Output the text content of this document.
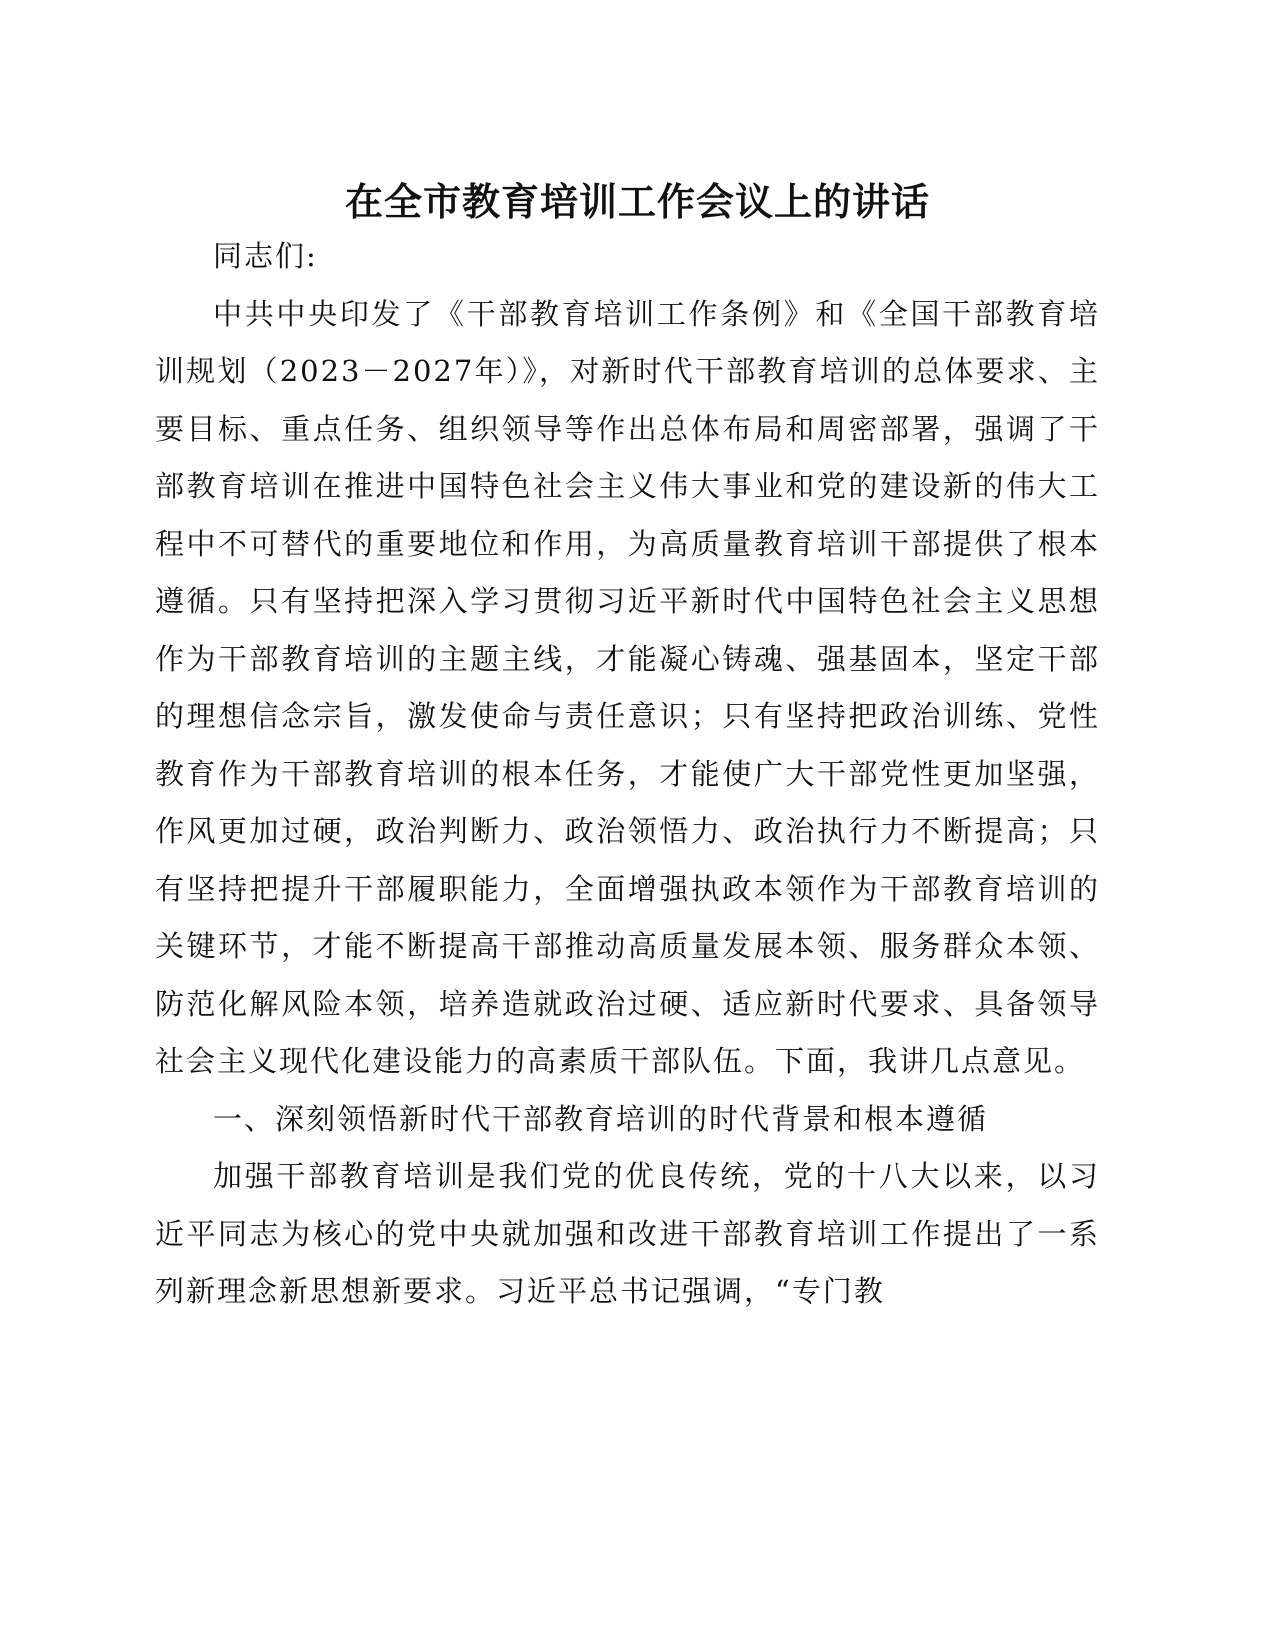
在全市教育培训工作会议上的讲话

同志们:

中共中央印发了《干部教育培训工作条例》和《全国干部教育培训规划（2023－2027年）》，对新时代干部教育培训的总体要求、主要目标、重点任务、组织领导等作出总体布局和周密部署，强调了干部教育培训在推进中国特色社会主义伟大事业和党的建设新的伟大工程中不可替代的重要地位和作用，为高质量教育培训干部提供了根本遵循。只有坚持把深入学习贯彻习近平新时代中国特色社会主义思想作为干部教育培训的主题主线，才能凝心铸魂、强基固本，坚定干部的理想信念宗旨，激发使命与责任意识；只有坚持把政治训练、党性教育作为干部教育培训的根本任务，才能使广大干部党性更加坚强，作风更加过硬，政治判断力、政治领悟力、政治执行力不断提高；只有坚持把提升干部履职能力，全面增强执政本领作为干部教育培训的关键环节，才能不断提高干部推动高质量发展本领、服务群众本领、防范化解风险本领，培养造就政治过硬、适应新时代要求、具备领导社会主义现代化建设能力的高素质干部队伍。下面，我讲几点意见。

一、深刻领悟新时代干部教育培训的时代背景和根本遵循

加强干部教育培训是我们党的优良传统，党的十八大以来，以习近平同志为核心的党中央就加强和改进干部教育培训工作提出了一系列新理念新思想新要求。习近平总书记强调，“专门教
